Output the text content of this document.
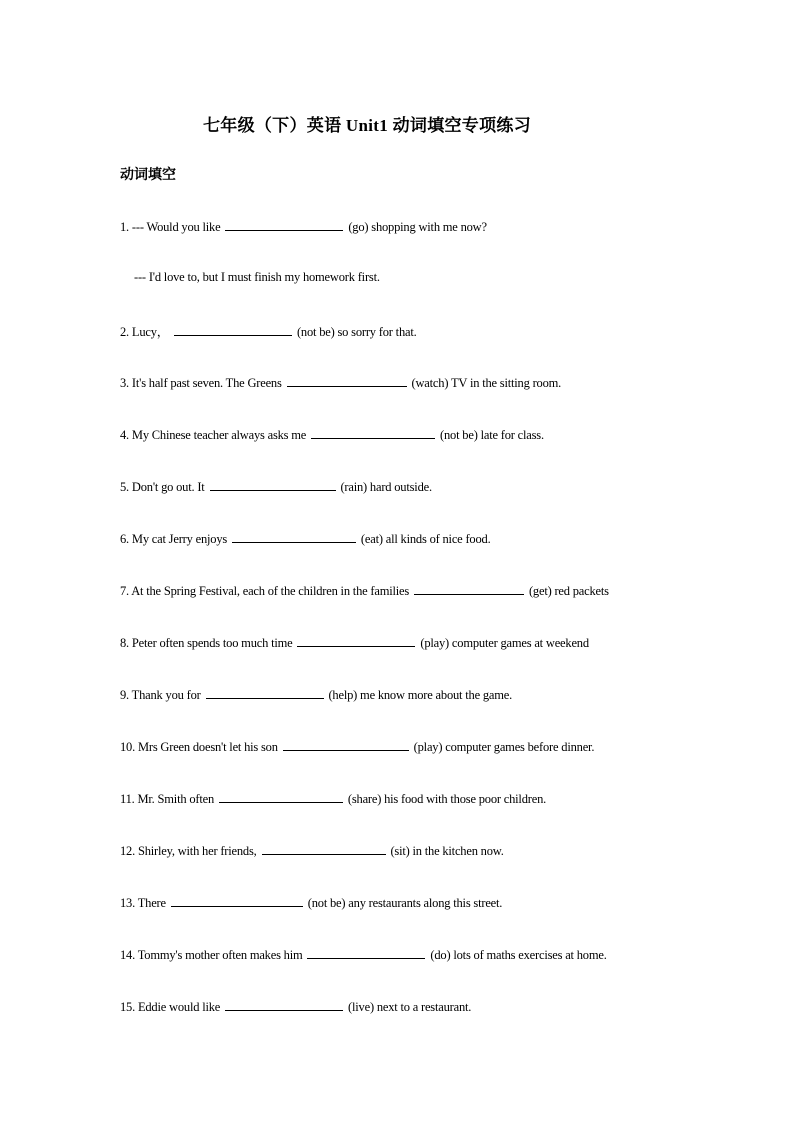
七年级（下）英语 Unit1 动词填空专项练习
动词填空
1. --- Would you like	(go) shopping with me now?
--- I'd love to, but I must finish my homework first.
2. Lucy，	(not be) so sorry for that.
3. It's half past seven. The Greens	(watch) TV in the sitting room.
4. My Chinese teacher always asks me	(not be) late for class.
5. Don't go out. It	(rain) hard outside.
6. My cat Jerry enjoys	(eat) all kinds of nice food.
7. At the Spring Festival, each of the children in the families	(get) red packets
8. Peter often spends too much time	(play) computer games at weekend
9. Thank you for	(help) me know more about the game.
10. Mrs Green doesn't let his son	(play) computer games before dinner.
11. Mr. Smith often	(share) his food with those poor children.
12. Shirley, with her friends,	(sit) in the kitchen now.
13. There	(not be) any restaurants along this street.
14. Tommy's mother often makes him	(do) lots of maths exercises at home.
15. Eddie would like	(live) next to a restaurant.
